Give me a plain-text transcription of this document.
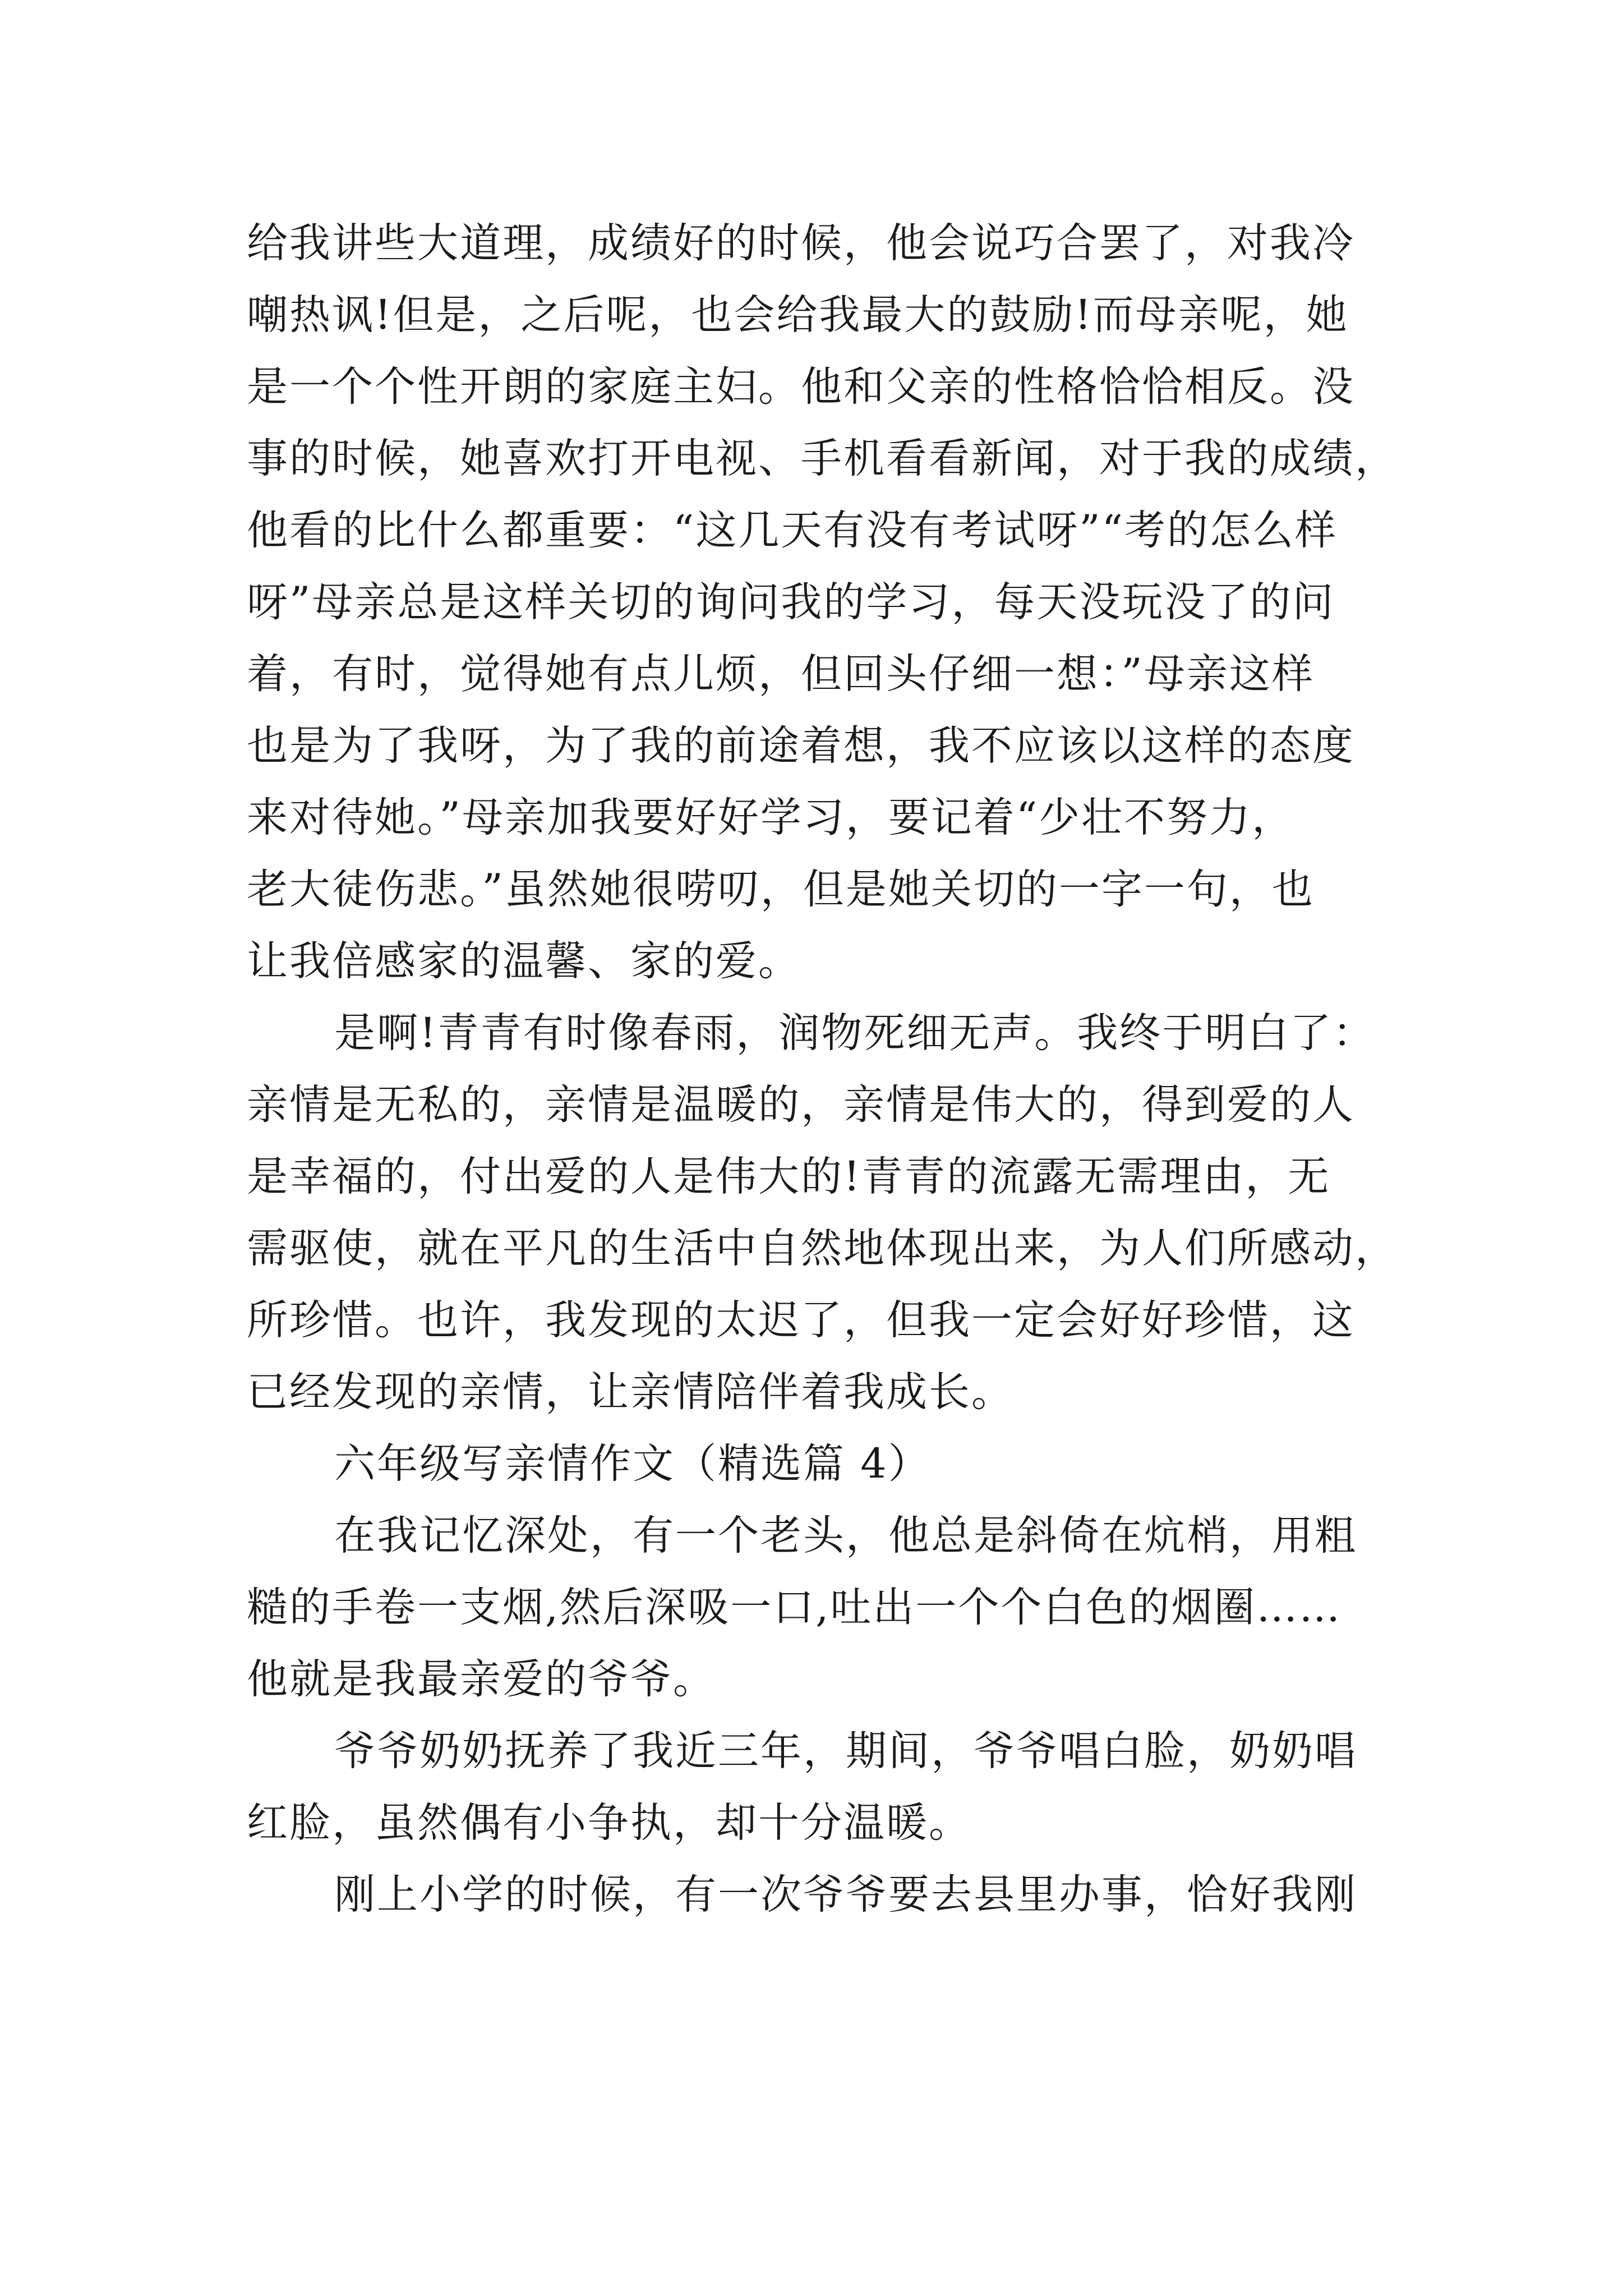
给我讲些大道理，成绩好的时候，他会说巧合罢了，对我冷
嘲热讽!但是，之后呢，也会给我最大的鼓励!而母亲呢，她
是一个个性开朗的家庭主妇。他和父亲的性格恰恰相反。没
事的时候，她喜欢打开电视、手机看看新闻，对于我的成绩，
他看的比什么都重要：“这几天有没有考试呀”“考的怎么样
呀”母亲总是这样关切的询问我的学习，每天没玩没了的问
着，有时，觉得她有点儿烦，但回头仔细一想：”母亲这样
也是为了我呀，为了我的前途着想，我不应该以这样的态度
来对待她。”母亲加我要好好学习，要记着“少壮不努力，
老大徒伤悲。”虽然她很唠叨，但是她关切的一字一句，也
让我倍感家的温馨、家的爱。
是啊!青青有时像春雨，润物死细无声。我终于明白了：
亲情是无私的，亲情是温暖的，亲情是伟大的，得到爱的人
是幸福的，付出爱的人是伟大的!青青的流露无需理由，无
需驱使，就在平凡的生活中自然地体现出来，为人们所感动，
所珍惜。也许，我发现的太迟了，但我一定会好好珍惜，这
已经发现的亲情，让亲情陪伴着我成长。
六年级写亲情作文（精选篇 4）
在我记忆深处，有一个老头，他总是斜倚在炕梢，用粗
糙的手卷一支烟,然后深吸一口,吐出一个个白色的烟圈……
他就是我最亲爱的爷爷。
爷爷奶奶抚养了我近三年，期间，爷爷唱白脸，奶奶唱
红脸，虽然偶有小争执，却十分温暖。
刚上小学的时候，有一次爷爷要去县里办事，恰好我刚
